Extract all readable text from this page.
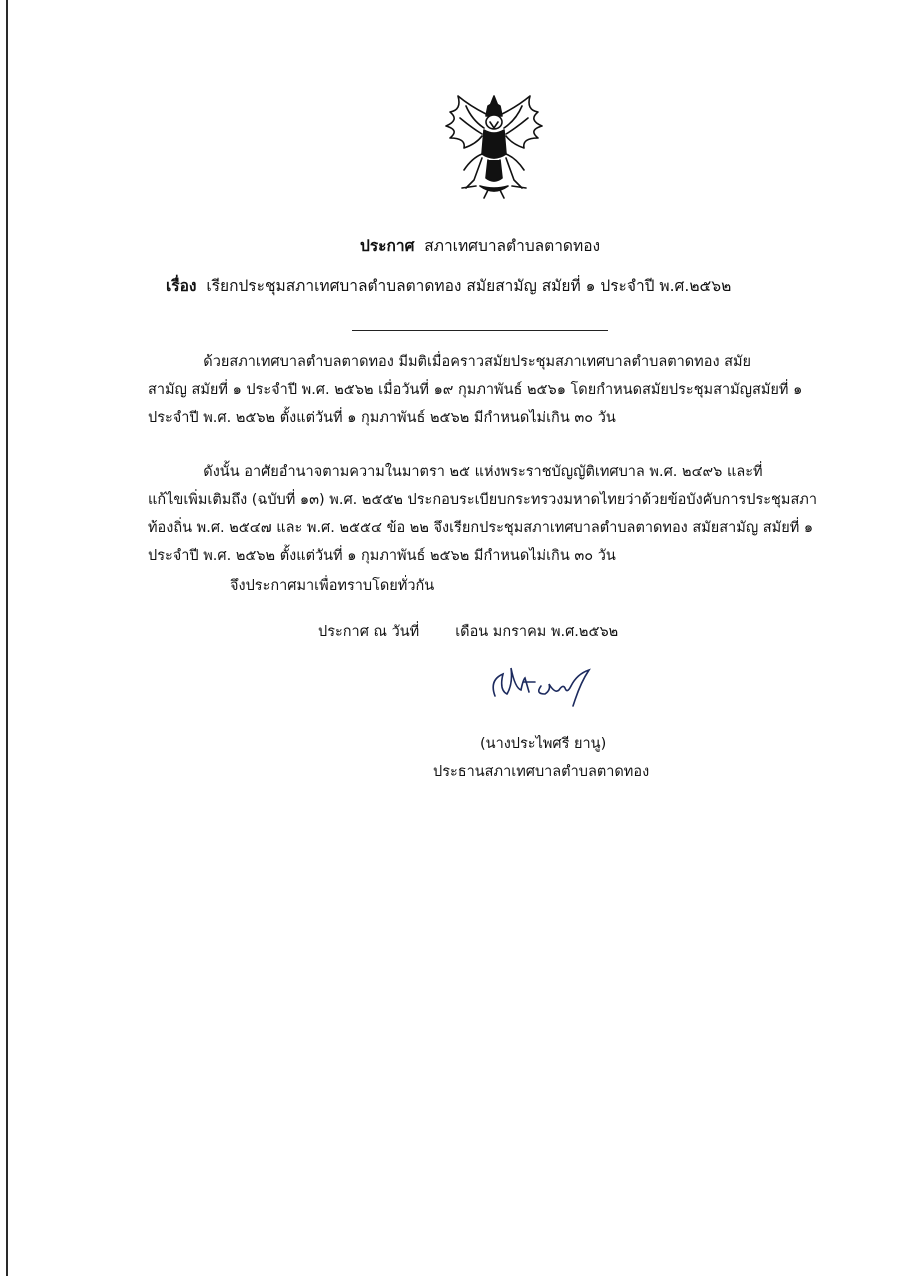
ประกาศ สภาเทศบาลตำบลตาดทอง
เรื่อง เรียกประชุมสภาเทศบาลตำบลตาดทอง สมัยสามัญ สมัยที่ ๑ ประจำปี พ.ศ.๒๕๖๒
ด้วยสภาเทศบาลตำบลตาดทอง มีมติเมื่อคราวสมัยประชุมสภาเทศบาลตำบลตาดทอง สมัย
สามัญ สมัยที่ ๑ ประจำปี พ.ศ. ๒๕๖๒ เมื่อวันที่ ๑๙ กุมภาพันธ์ ๒๕๖๑ โดยกำหนดสมัยประชุมสามัญสมัยที่ ๑
ประจำปี พ.ศ. ๒๕๖๒ ตั้งแต่วันที่ ๑ กุมภาพันธ์ ๒๕๖๒ มีกำหนดไม่เกิน ๓๐ วัน
ดังนั้น อาศัยอำนาจตามความในมาตรา ๒๕ แห่งพระราชบัญญัติเทศบาล พ.ศ. ๒๔๙๖ และที่
แก้ไขเพิ่มเติมถึง (ฉบับที่ ๑๓) พ.ศ. ๒๕๕๒ ประกอบระเบียบกระทรวงมหาดไทยว่าด้วยข้อบังคับการประชุมสภา
ท้องถิ่น พ.ศ. ๒๕๔๗ และ พ.ศ. ๒๕๕๔ ข้อ ๒๒ จึงเรียกประชุมสภาเทศบาลตำบลตาดทอง สมัยสามัญ สมัยที่ ๑
ประจำปี พ.ศ. ๒๕๖๒ ตั้งแต่วันที่ ๑ กุมภาพันธ์ ๒๕๖๒ มีกำหนดไม่เกิน ๓๐ วัน
จึงประกาศมาเพื่อทราบโดยทั่วกัน
ประกาศ ณ วันที่ เดือน มกราคม พ.ศ.๒๕๖๒
(นางประไพศรี ยานู)
ประธานสภาเทศบาลตำบลตาดทอง
